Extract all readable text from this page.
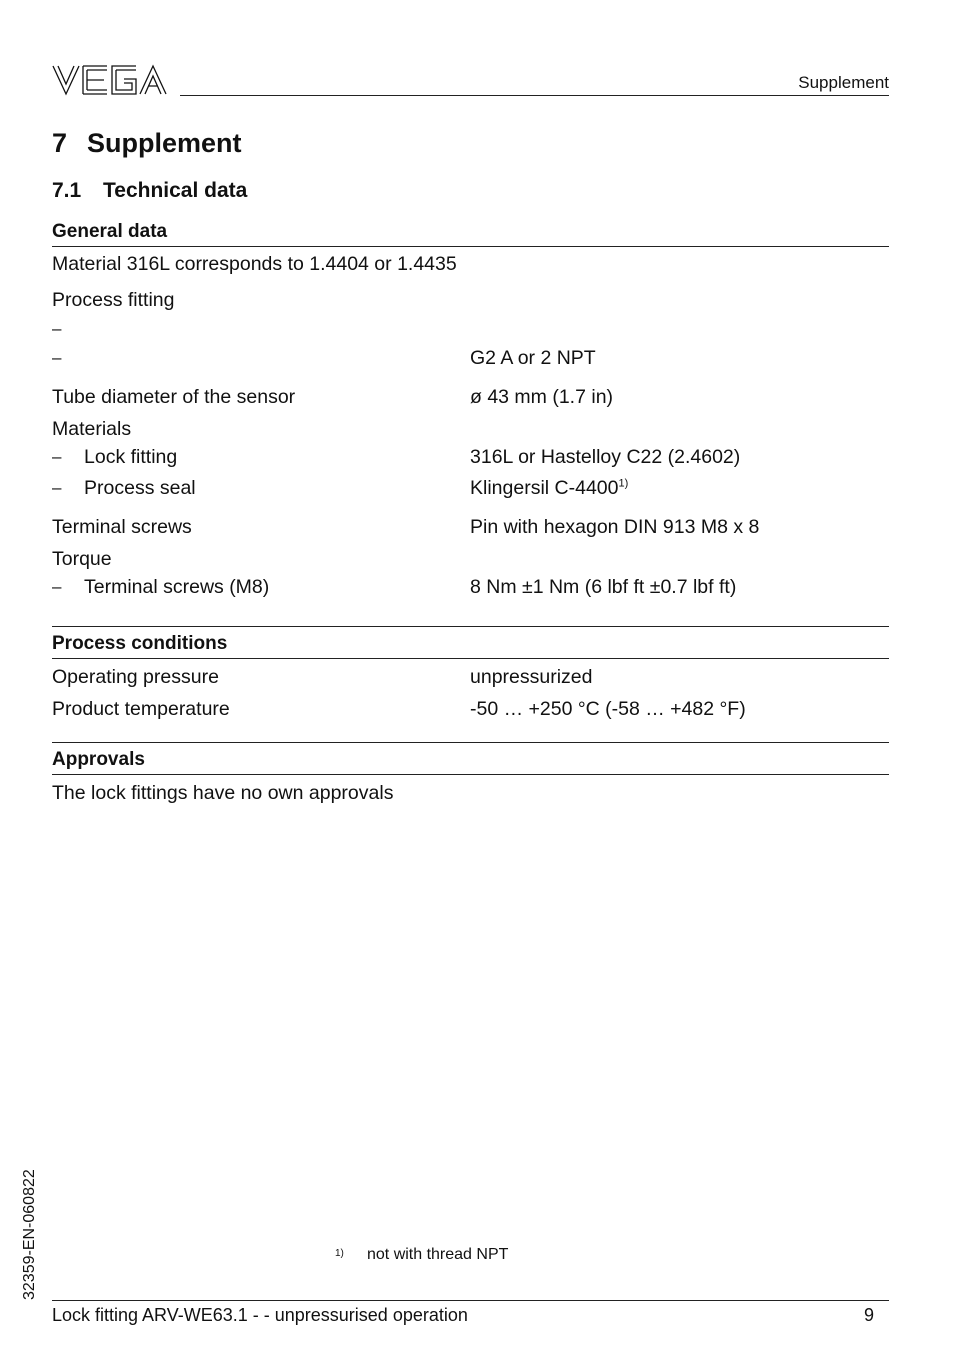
VEGA
Supplement
7 Supplement
7.1 Technical data
General data
Material 316L corresponds to 1.4404 or 1.4435
Process fitting
–
–	G2 A or 2 NPT
Tube diameter of the sensor	ø 43 mm (1.7 in)
Materials
– Lock fitting	316L or Hastelloy C22 (2.4602)
– Process seal	Klingersil C-4400$^{1)}$
Terminal screws	Pin with hexagon DIN 913 M8 x 8
Torque
– Terminal screws (M8)	8 Nm ±1 Nm (6 lbf ft ±0.7 lbf ft)
Process conditions
Operating pressure	unpressurized
Product temperature	-50 … +250 °C (-58 … +482 °F)
Approvals
The lock fittings have no own approvals
1) not with thread NPT
32359-EN-060822
Lock fitting ARV-WE63.1 - - unpressurised operation	9
